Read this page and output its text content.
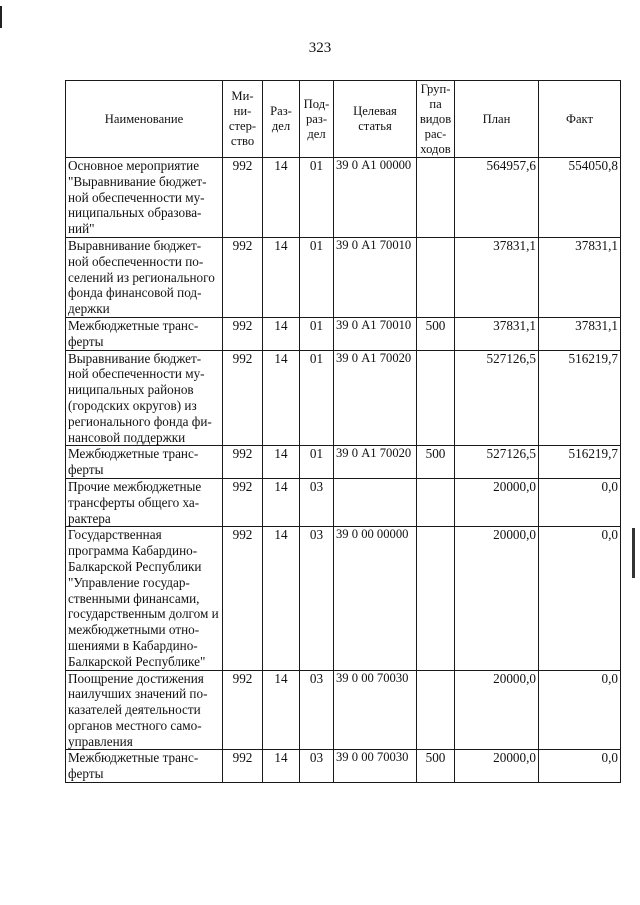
323
Наименование	Ми-
ни-
стер-
ство	Раз-
дел	Под-
раз-
дел	Целевая
статья	Груп-
па
видов
рас-
ходов	План	Факт
Основное мероприятие "Выравнивание бюджет-ной обеспеченности му-ниципальных образова-ний"	992	14	01	39 0 А1 00000		564957,6	554050,8
Выравнивание бюджет-ной обеспеченности по-селений из регионального фонда финансовой под-держки	992	14	01	39 0 А1 70010		37831,1	37831,1
Межбюджетные транс-ферты	992	14	01	39 0 А1 70010	500	37831,1	37831,1
Выравнивание бюджет-ной обеспеченности му-ниципальных районов (городских округов) из регионального фонда фи-нансовой поддержки	992	14	01	39 0 А1 70020		527126,5	516219,7
Межбюджетные транс-ферты	992	14	01	39 0 А1 70020	500	527126,5	516219,7
Прочие межбюджетные трансферты общего ха-рактера	992	14	03			20000,0	0,0
Государственная программа Кабардино-Балкарской Республики "Управление государ-ственными финансами, государственным долгом и межбюджетными отно-шениями в Кабардино-Балкарской Республике"	992	14	03	39 0 00 00000		20000,0	0,0
Поощрение достижения наилучших значений по-казателей деятельности органов местного само-управления	992	14	03	39 0 00 70030		20000,0	0,0
Межбюджетные транс-ферты	992	14	03	39 0 00 70030	500	20000,0	0,0
